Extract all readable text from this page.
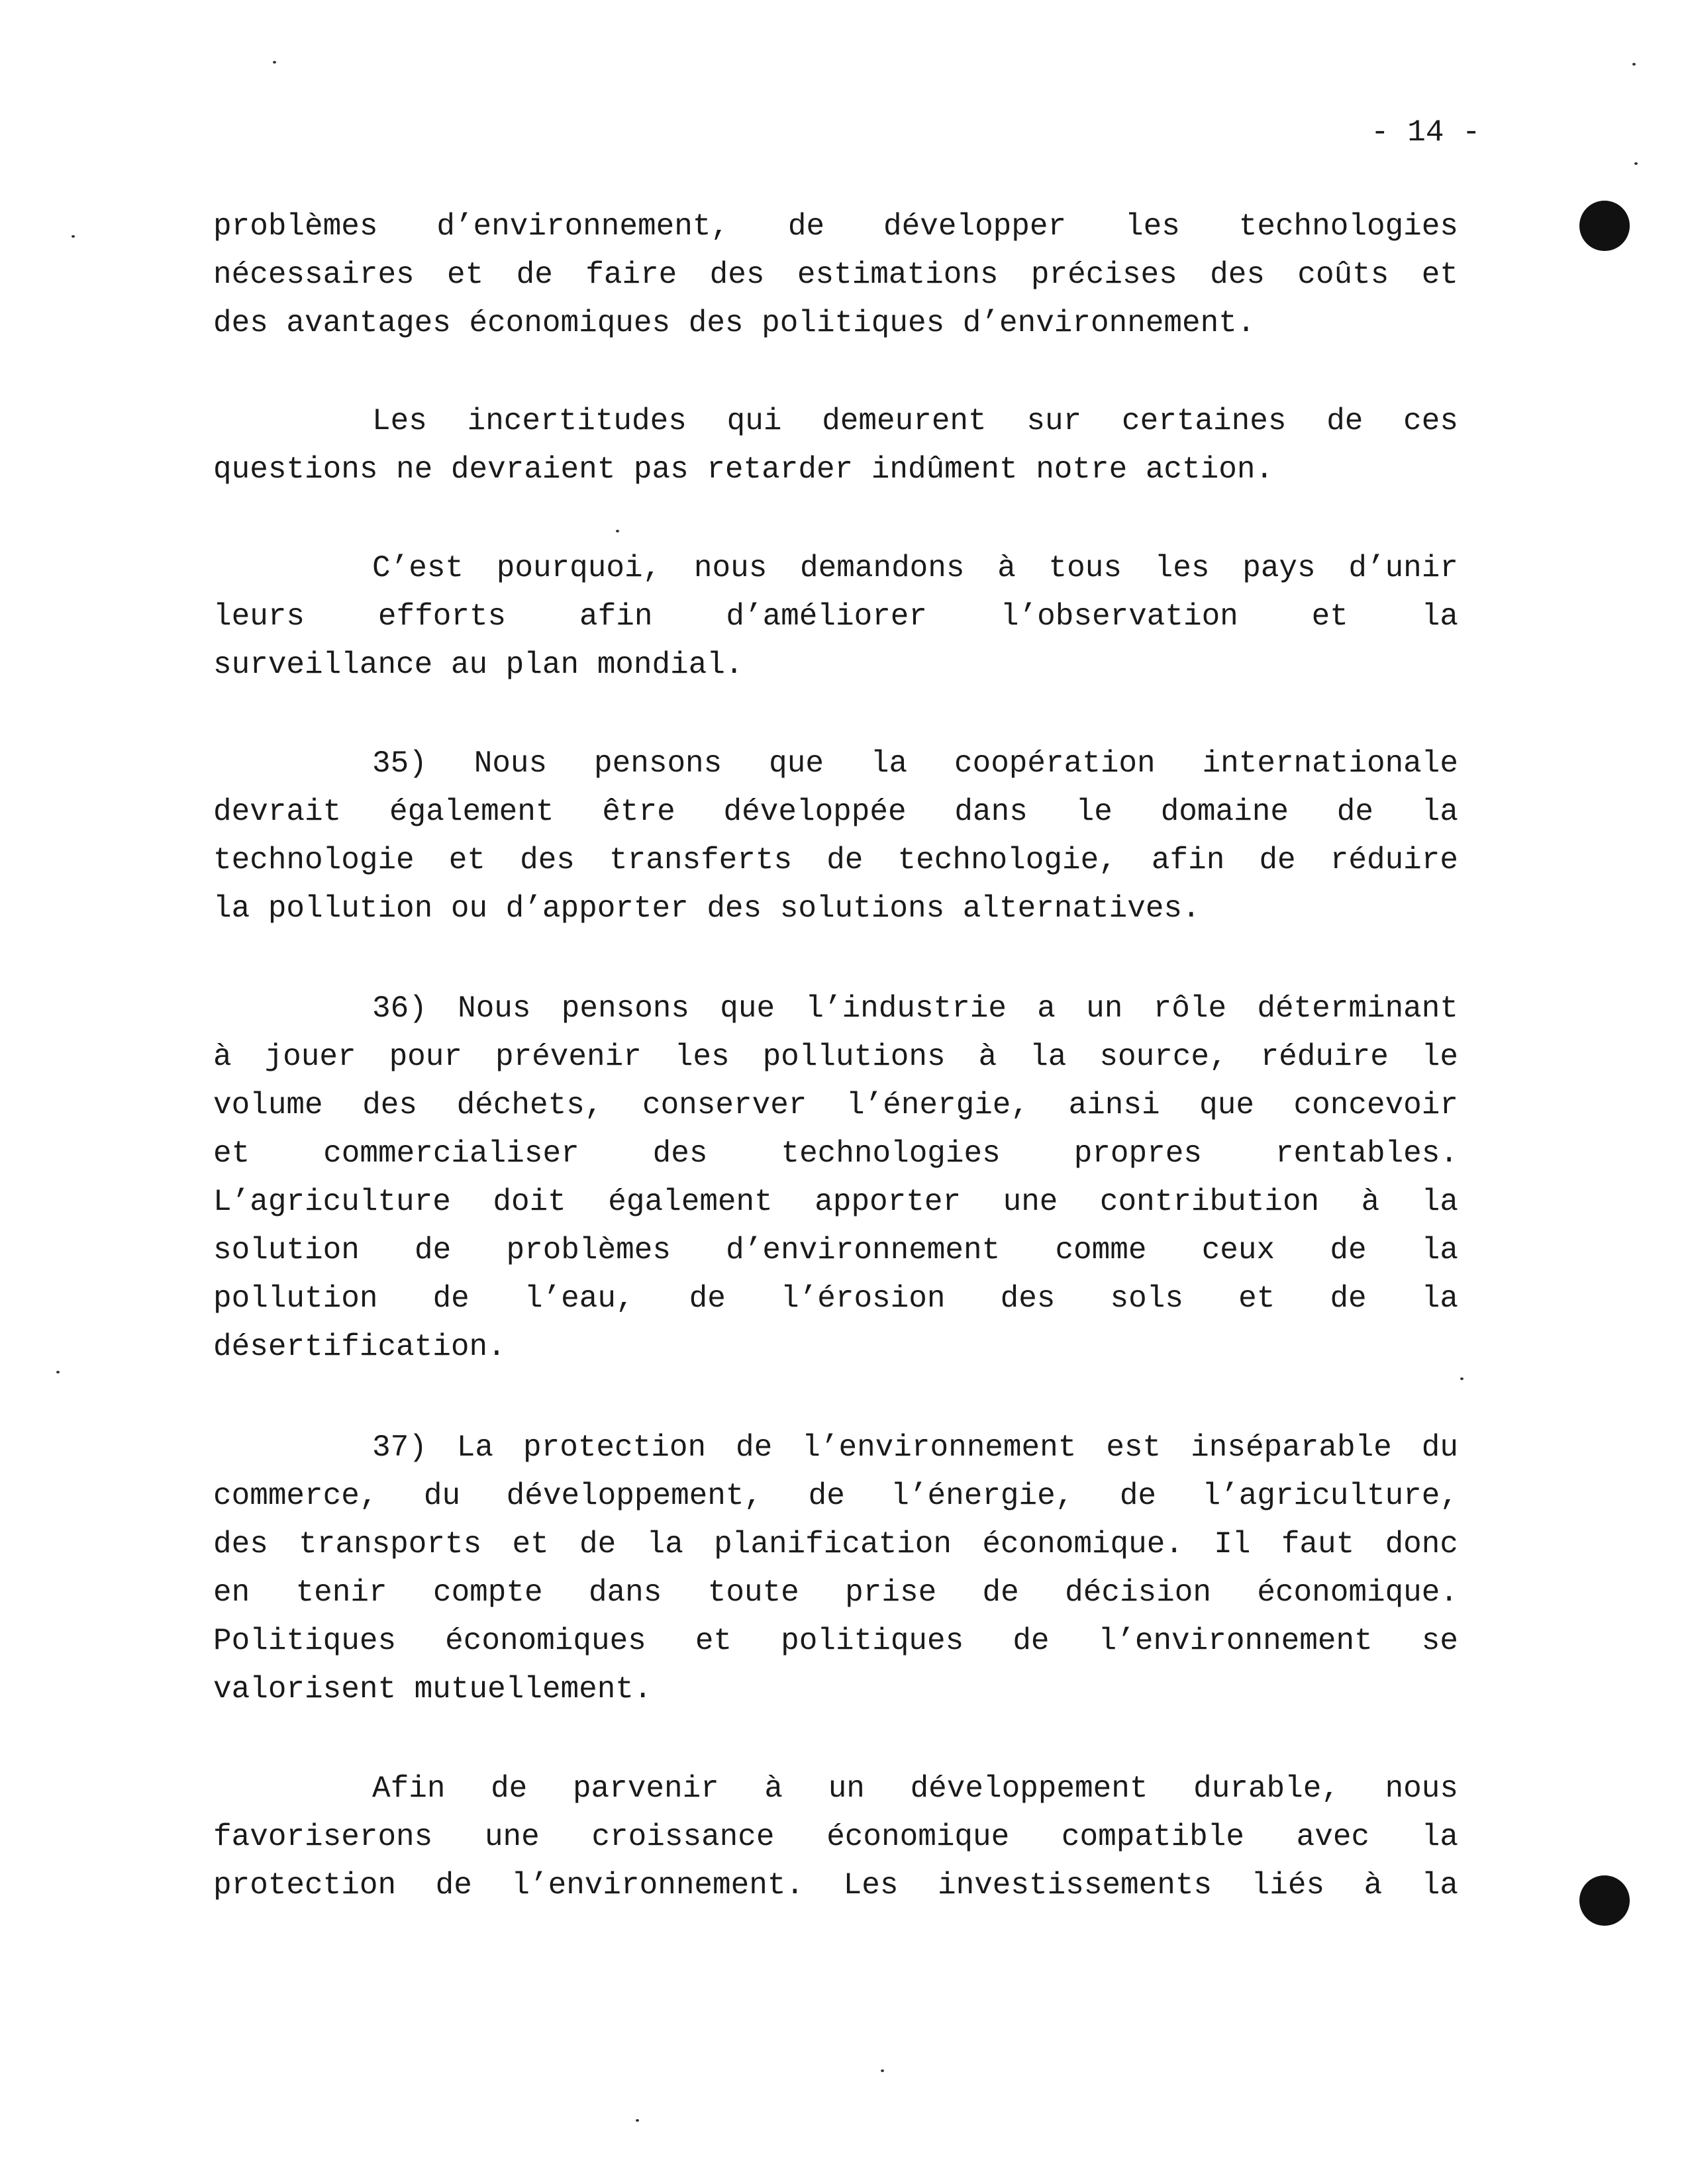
- 14 -
problèmes d’environnement, de développer les technologies
nécessaires et de faire des estimations précises des coûts et
des avantages économiques des politiques d’environnement.
Les incertitudes qui demeurent sur certaines de ces
questions ne devraient pas retarder indûment notre action.
C’est pourquoi, nous demandons à tous les pays d’unir
leurs efforts afin d’améliorer l’observation et la
surveillance au plan mondial.
35) Nous pensons que la coopération internationale
devrait également être développée dans le domaine de la
technologie et des transferts de technologie, afin de réduire
la pollution ou d’apporter des solutions alternatives.
36) Nous pensons que l’industrie a un rôle déterminant
à jouer pour prévenir les pollutions à la source, réduire le
volume des déchets, conserver l’énergie, ainsi que concevoir
et commercialiser des technologies propres rentables.
L’agriculture doit également apporter une contribution à la
solution de problèmes d’environnement comme ceux de la
pollution de l’eau, de l’érosion des sols et de la
désertification.
37) La protection de l’environnement est inséparable du
commerce, du développement, de l’énergie, de l’agriculture,
des transports et de la planification économique. Il faut donc
en tenir compte dans toute prise de décision économique.
Politiques économiques et politiques de l’environnement se
valorisent mutuellement.
Afin de parvenir à un développement durable, nous
favoriserons une croissance économique compatible avec la
protection de l’environnement. Les investissements liés à la
